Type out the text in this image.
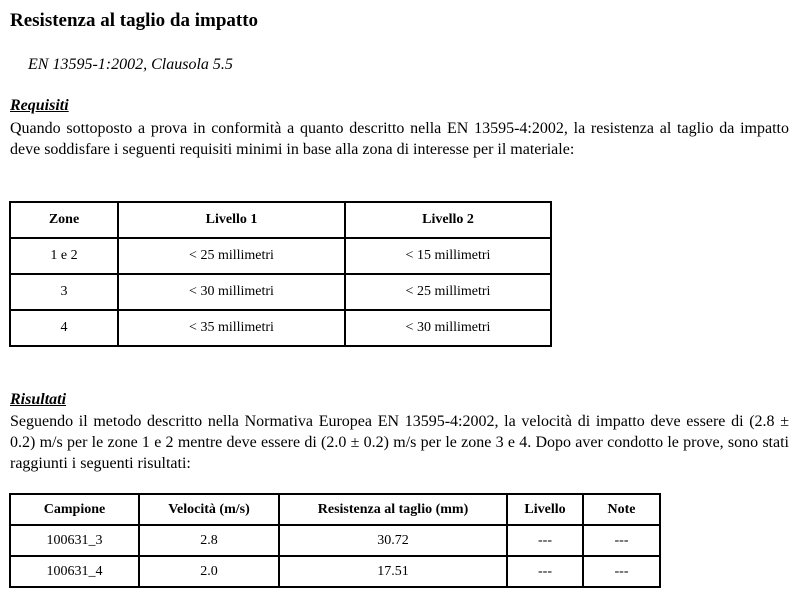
Resistenza al taglio da impatto
EN 13595-1:2002, Clausola 5.5
Requisiti
Quando sottoposto a prova in conformità a quanto descritto nella EN 13595-4:2002, la resistenza al taglio da impatto deve soddisfare i seguenti requisiti minimi in base alla zona di interesse per il materiale:
Zone	Livello 1	Livello 2
1 e 2	< 25 millimetri	< 15 millimetri
3	< 30 millimetri	< 25 millimetri
4	< 35 millimetri	< 30 millimetri
Risultati
Seguendo il metodo descritto nella Normativa Europea EN 13595-4:2002, la velocità di impatto deve essere di (2.8 ± 0.2) m/s per le zone 1 e 2 mentre deve essere di (2.0 ± 0.2) m/s per le zone 3 e 4. Dopo aver condotto le prove, sono stati raggiunti i seguenti risultati:
Campione	Velocità (m/s)	Resistenza al taglio (mm)	Livello	Note
100631_3	2.8	30.72	---	---
100631_4	2.0	17.51	---	---
